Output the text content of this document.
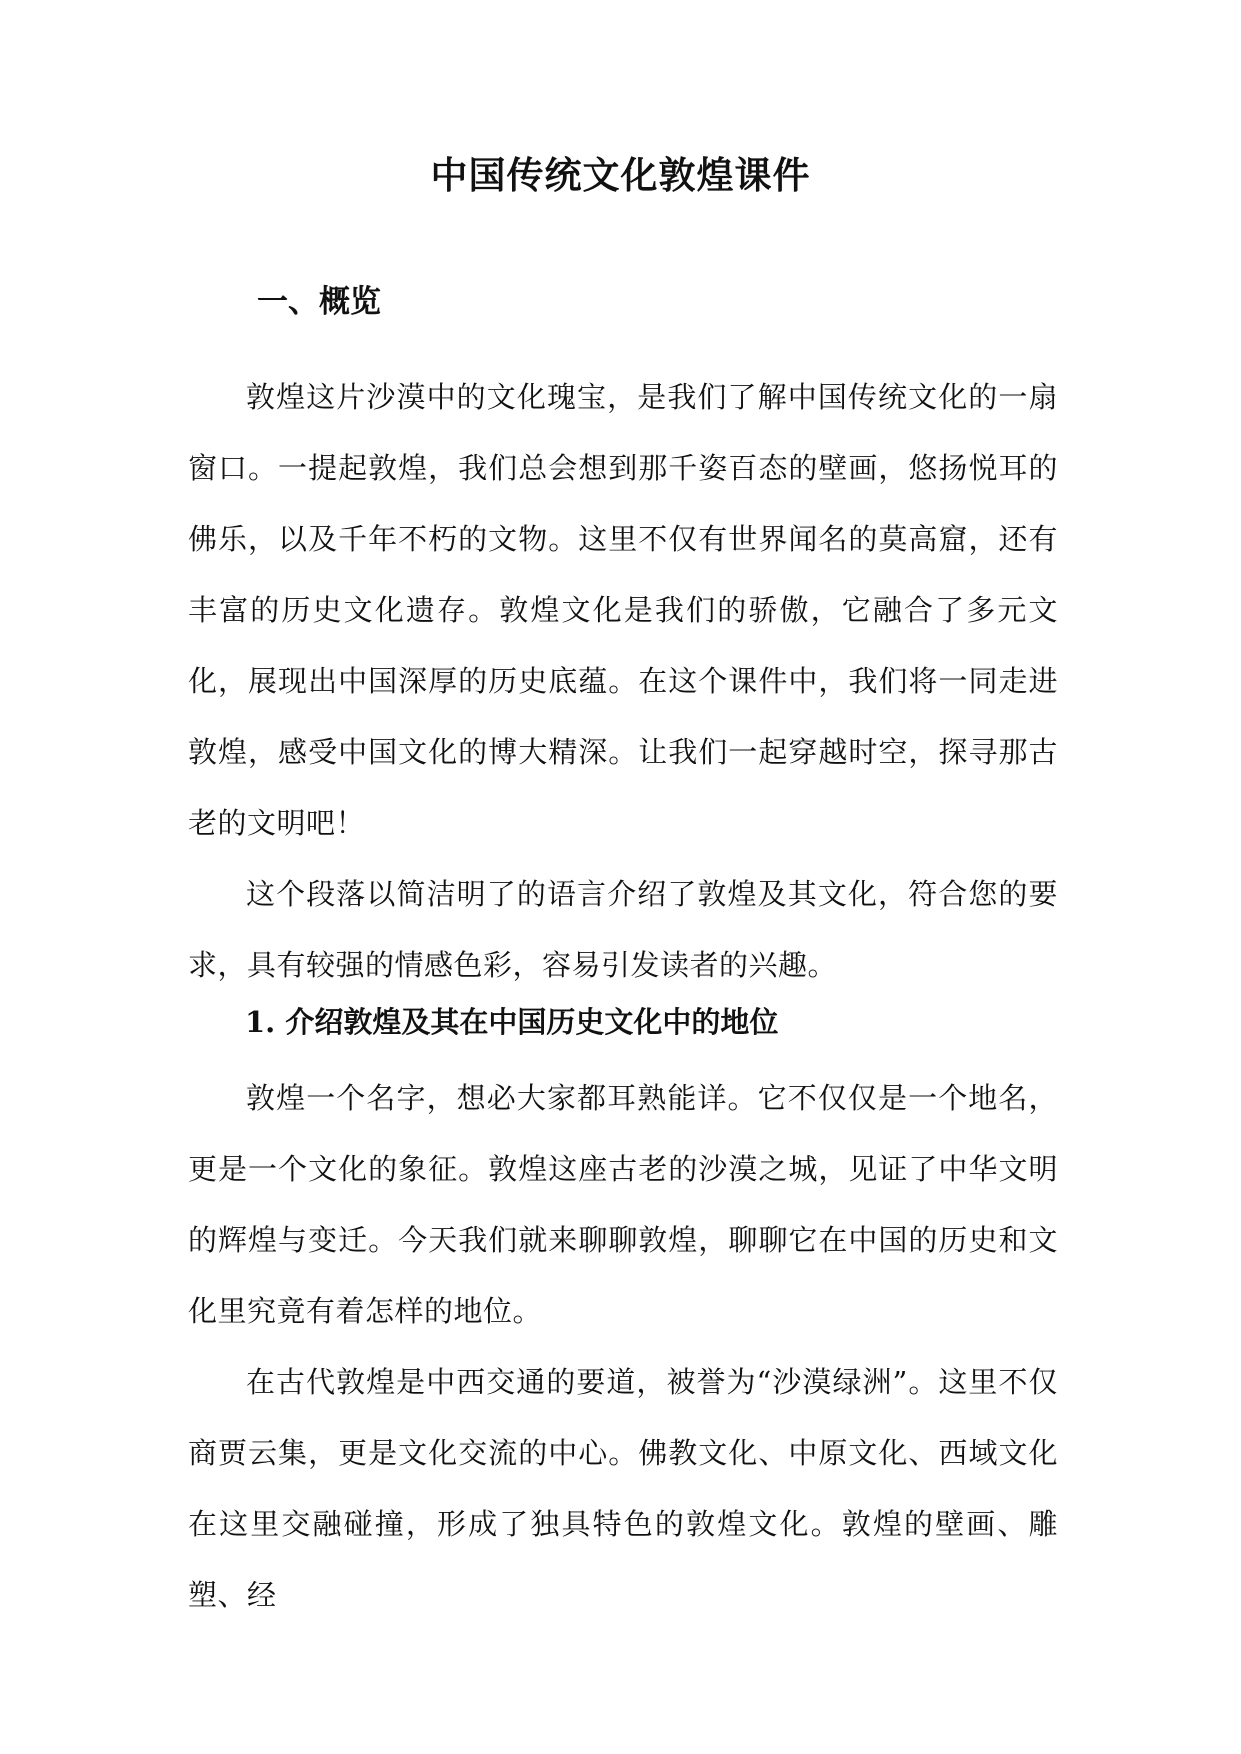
中国传统文化敦煌课件
一、概览

敦煌这片沙漠中的文化瑰宝，是我们了解中国传统文化的一扇窗口。一提起敦煌，我们总会想到那千姿百态的壁画，悠扬悦耳的佛乐，以及千年不朽的文物。这里不仅有世界闻名的莫高窟，还有丰富的历史文化遗存。敦煌文化是我们的骄傲，它融合了多元文化，展现出中国深厚的历史底蕴。在这个课件中，我们将一同走进敦煌，感受中国文化的博大精深。让我们一起穿越时空，探寻那古老的文明吧！

这个段落以简洁明了的语言介绍了敦煌及其文化，符合您的要求，具有较强的情感色彩，容易引发读者的兴趣。

1. 介绍敦煌及其在中国历史文化中的地位

敦煌一个名字，想必大家都耳熟能详。它不仅仅是一个地名，更是一个文化的象征。敦煌这座古老的沙漠之城，见证了中华文明的辉煌与变迁。今天我们就来聊聊敦煌，聊聊它在中国的历史和文化里究竟有着怎样的地位。

在古代敦煌是中西交通的要道，被誉为“沙漠绿洲”。这里不仅商贾云集，更是文化交流的中心。佛教文化、中原文化、西域文化在这里交融碰撞，形成了独具特色的敦煌文化。敦煌的壁画、雕塑、经
